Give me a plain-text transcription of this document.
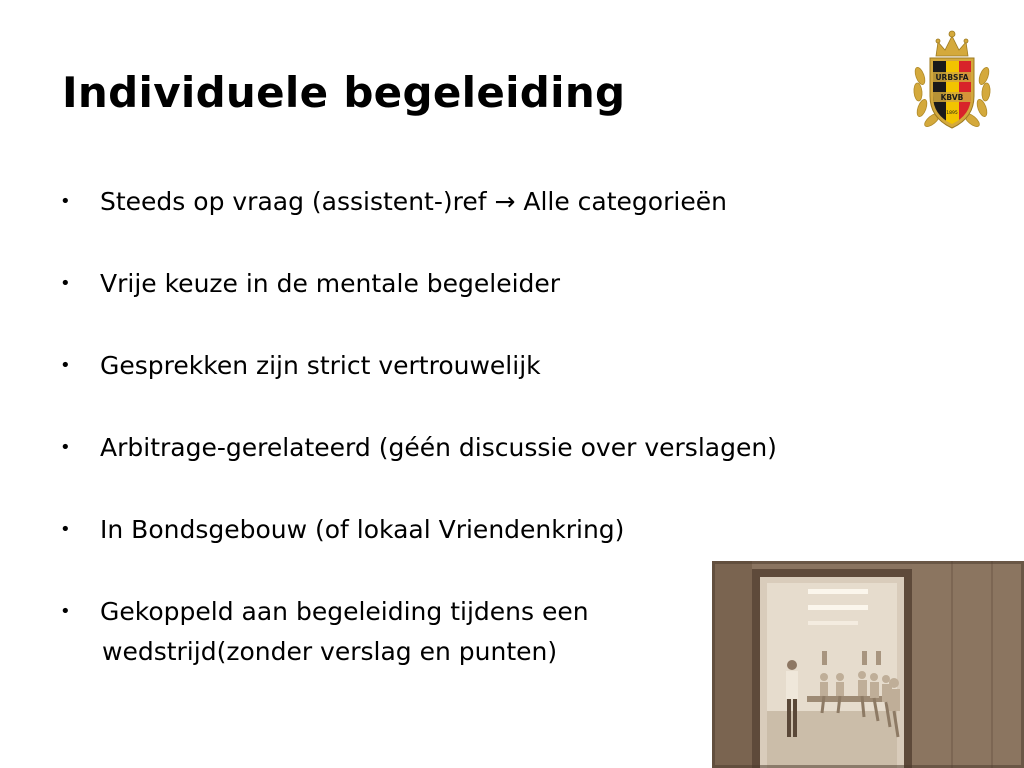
Individuele begeleiding
• Steeds op vraag (assistent-)ref → Alle categorieën
• Vrije keuze in de mentale begeleider
• Gesprekken zijn strict vertrouwelijk
• Arbitrage-gerelateerd (géén discussie over verslagen)
• In Bondsgebouw (of lokaal Vriendenkring)
• Gekoppeld aan begeleiding tijdens een
wedstrijd(zonder verslag en punten)
URBSFA
KBVB
1895
